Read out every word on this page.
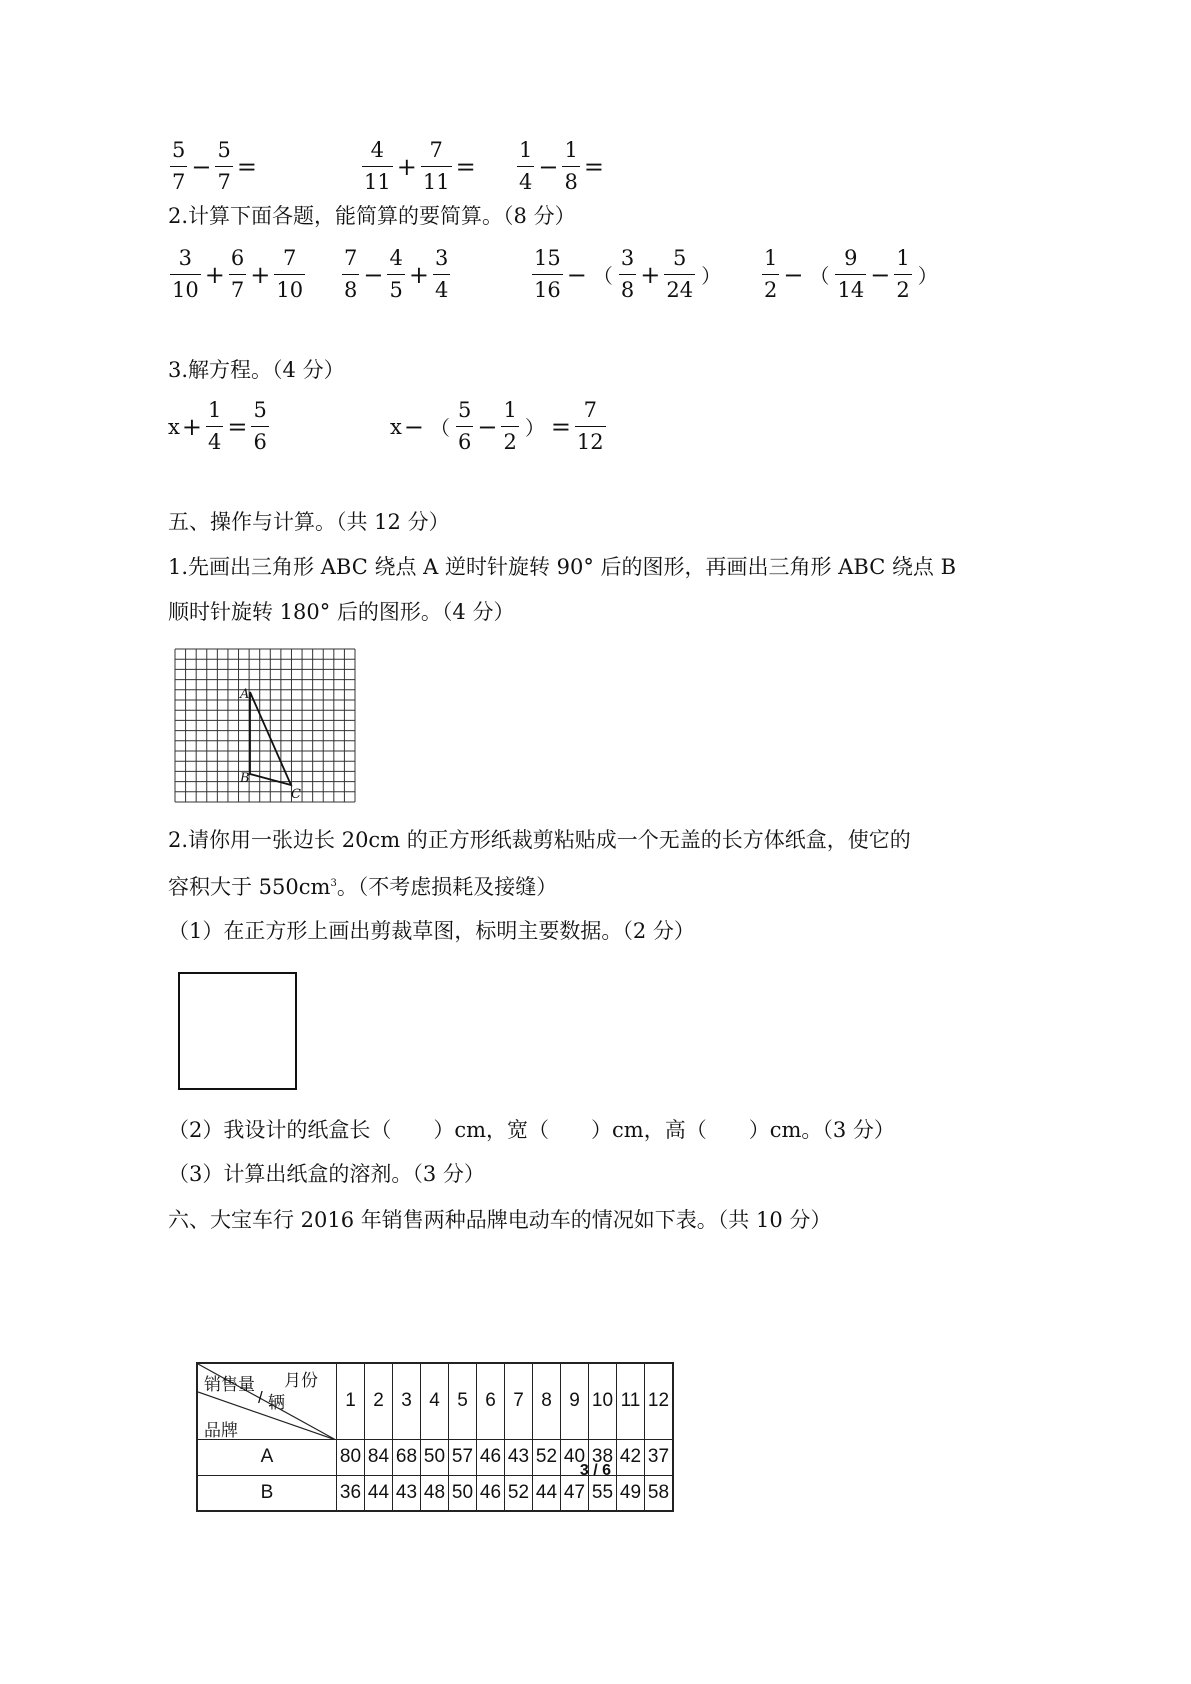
$\frac{5}{7} - \frac{5}{7}$ =	$\frac{4}{11} + \frac{7}{11} = \frac{1}{4} - \frac{1}{8}$ =
2.计算下面各题，能简算的要简算。（8 分）
$\frac{3}{10} + \frac{6}{7} + \frac{7}{10} \frac{7}{8} - \frac{4}{5} + \frac{3}{4}$	$\frac{15}{16}$ − （ $\frac{3}{8} + \frac{5}{24}$ ） $\frac{1}{2}$ − （ $\frac{9}{14} - \frac{1}{2}$ ）
3.解方程。（4 分）
$x + \frac{1}{4} = \frac{5}{6}$	x − （ $\frac{5}{6} - \frac{1}{2}$ ） = $\frac{7}{12}$
五、操作与计算。（共 12 分）
1.先画出三角形 ABC 绕点 A 逆时针旋转 90° 后的图形，再画出三角形 ABC 绕点 B
顺时针旋转 180° 后的图形。（4 分）
A
B
C
2.请你用一张边长 20cm 的正方形纸裁剪粘贴成一个无盖的长方体纸盒，使它的
容积大于 $550cm^3$。（不考虑损耗及接缝）
（1）在正方形上画出剪裁草图，标明主要数据。（2 分）
（2）我设计的纸盒长（　　）cm，宽（　　）cm，高（　　）cm。（3 分）
（3）计算出纸盒的溶剂。（3 分）
六、大宝车行 2016 年销售两种品牌电动车的情况如下表。（共 10 分）
销售量
/ 辆
月份
品牌	1	2	3	4	5	6	7	8	9	10	11	12
A	80	84	68	50	57	46	43	52	40	38	42	37
B	36	44	43	48	50	46	52	44	47	55	49	58
3 / 6
